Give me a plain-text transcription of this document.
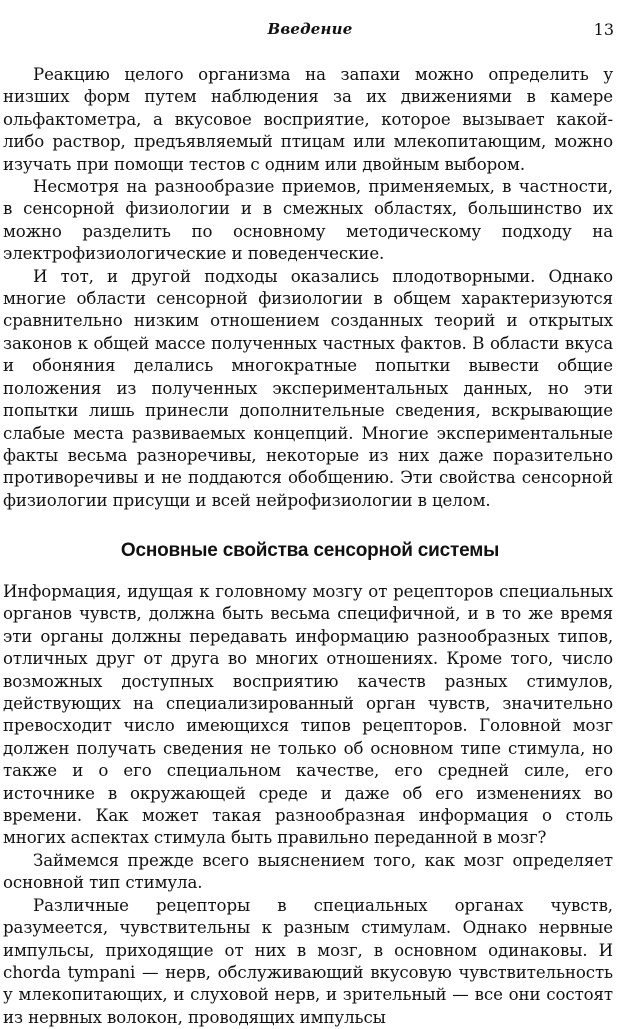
Введение	13

Реакцию целого организма на запахи можно определить у низших форм путем наблюдения за их движениями в камере ольфактометра, а вкусовое восприятие, которое вызывает какой-либо раствор, предъявляемый птицам или млекопитающим, можно изучать при помощи тестов с одним или двойным выбором.

Несмотря на разнообразие приемов, применяемых, в частности, в сенсорной физиологии и в смежных областях, большинство их можно разделить по основному методическому подходу на электрофизиологические и поведенческие.

И тот, и другой подходы оказались плодотворными. Однако многие области сенсорной физиологии в общем характеризуются сравнительно низким отношением созданных теорий и открытых законов к общей массе полученных частных фактов. В области вкуса и обоняния делались многократные попытки вывести общие положения из полученных экспериментальных данных, но эти попытки лишь принесли дополнительные сведения, вскрывающие слабые места развиваемых концепций. Многие экспериментальные факты весьма разноречивы, некоторые из них даже поразительно противоречивы и не поддаются обобщению. Эти свойства сенсорной физиологии присущи и всей нейрофизиологии в целом.

Основные свойства сенсорной системы

Информация, идущая к головному мозгу от рецепторов специальных органов чувств, должна быть весьма специфичной, и в то же время эти органы должны передавать информацию разнообразных типов, отличных друг от друга во многих отношениях. Кроме того, число возможных доступных восприятию качеств разных стимулов, действующих на специализированный орган чувств, значительно превосходит число имеющихся типов рецепторов. Головной мозг должен получать сведения не только об основном типе стимула, но также и о его специальном качестве, его средней силе, его источнике в окружающей среде и даже об его изменениях во времени. Как может такая разнообразная информация о столь многих аспектах стимула быть правильно переданной в мозг?

Займемся прежде всего выяснением того, как мозг определяет основной тип стимула.

Различные рецепторы в специальных органах чувств, разумеется, чувствительны к разным стимулам. Однако нервные импульсы, приходящие от них в мозг, в основном одинаковы. И chorda tympani — нерв, обслуживающий вкусовую чувствительность у млекопитающих, и слуховой нерв, и зрительный — все они состоят из нервных волокон, проводящих импульсы
